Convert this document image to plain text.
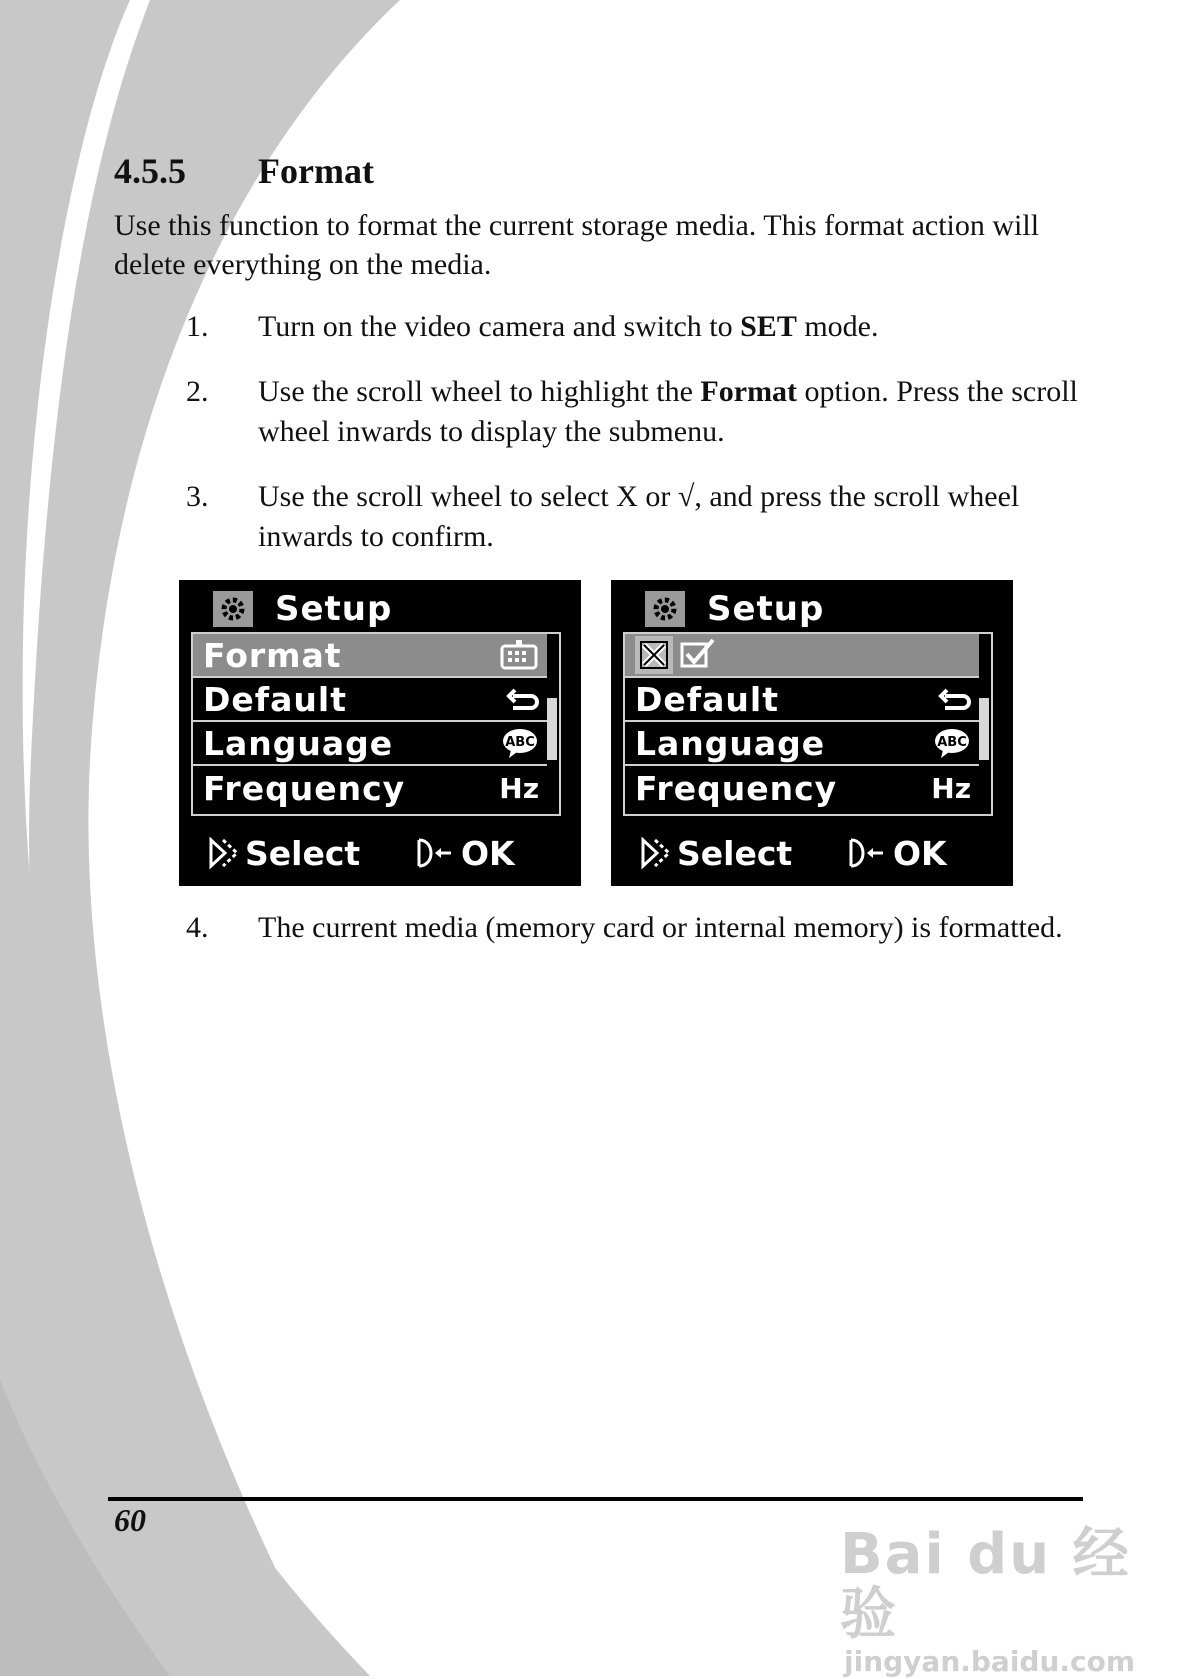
4.5.5	Format

Use this function to format the current storage media. This format action will delete everything on the media.

1.	Turn on the video camera and switch to SET mode.
2.	Use the scroll wheel to highlight the Format option. Press the scroll wheel inwards to display the submenu.
3.	Use the scroll wheel to select X or √, and press the scroll wheel inwards to confirm.
Setup
Format
Default
Language	ABC
Frequency	Hz
Select	OK
Setup
Default
Language	ABC
Frequency	Hz
Select	OK
4.	The current media (memory card or internal memory) is formatted.
60
Bai du 经验
jingyan.baidu.com
